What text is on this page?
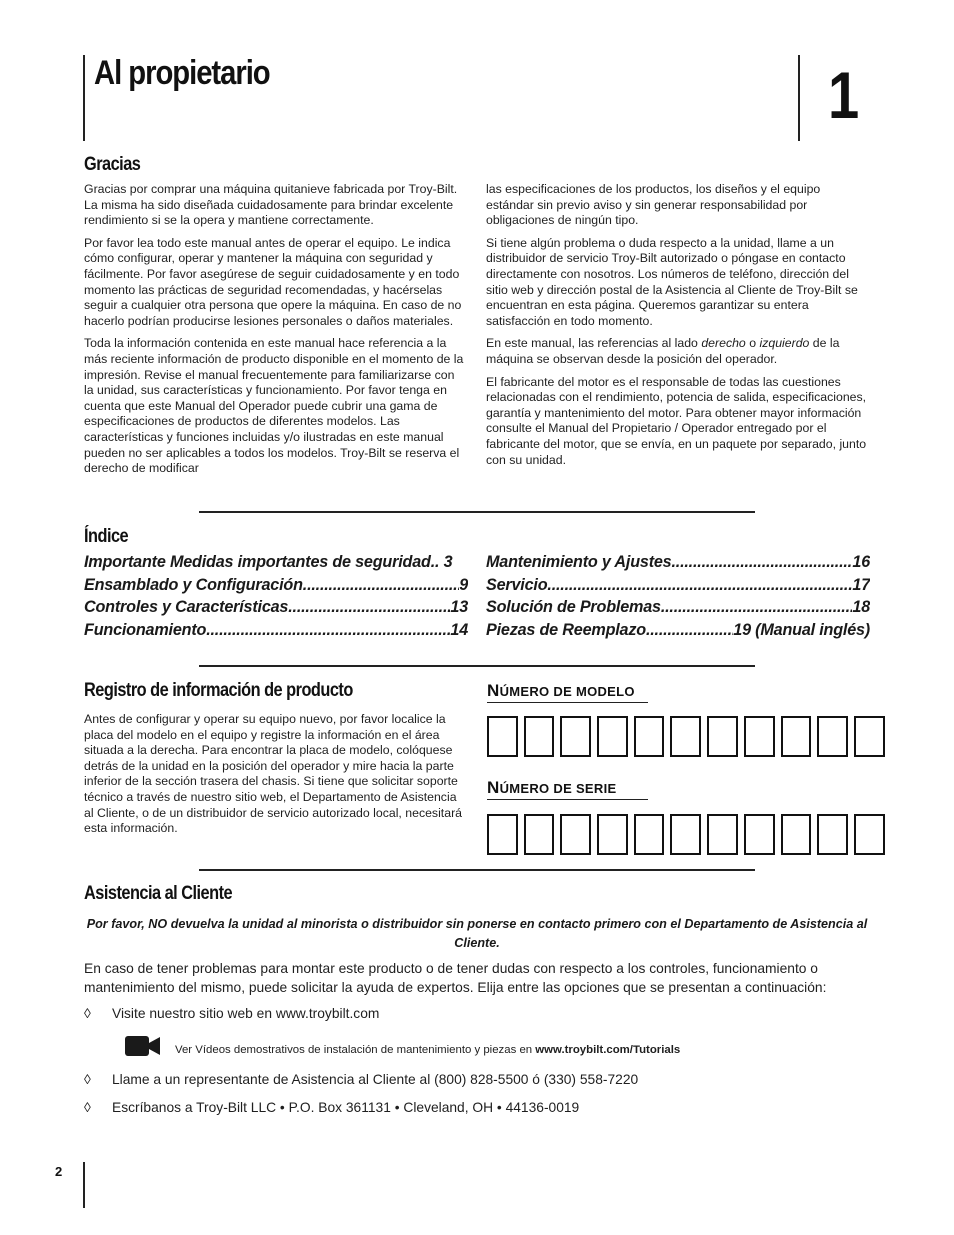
Al propietario	1
Gracias

Gracias por comprar una máquina quitanieve fabricada por Troy-Bilt. La misma ha sido diseñada cuidadosamente para brindar excelente rendimiento si se la opera y mantiene correctamente.

Por favor lea todo este manual antes de operar el equipo. Le indica cómo configurar, operar y mantener la máquina con seguridad y fácilmente. Por favor asegúrese de seguir cuidadosamente y en todo momento las prácticas de seguridad recomendadas, y hacérselas seguir a cualquier otra persona que opere la máquina. En caso de no hacerlo podrían producirse lesiones personales o daños materiales.

Toda la información contenida en este manual hace referencia a la más reciente información de producto disponible en el momento de la impresión. Revise el manual frecuentemente para familiarizarse con la unidad, sus características y funcionamiento. Por favor tenga en cuenta que este Manual del Operador puede cubrir una gama de especificaciones de productos de diferentes modelos. Las características y funciones incluidas y/o ilustradas en este manual pueden no ser aplicables a todos los modelos. Troy-Bilt se reserva el derecho de modificar

las especificaciones de los productos, los diseños y el equipo estándar sin previo aviso y sin generar responsabilidad por obligaciones de ningún tipo.

Si tiene algún problema o duda respecto a la unidad, llame a un distribuidor de servicio Troy-Bilt autorizado o póngase en contacto directamente con nosotros. Los números de teléfono, dirección del sitio web y dirección postal de la Asistencia al Cliente de Troy-Bilt se encuentran en esta página. Queremos garantizar su entera satisfacción en todo momento.

En este manual, las referencias al lado derecho o izquierdo de la máquina se observan desde la posición del operador.

El fabricante del motor es el responsable de todas las cuestiones relacionadas con el rendimiento, potencia de salida, especificaciones, garantía y mantenimiento del motor. Para obtener mayor información consulte el Manual del Propietario / Operador entregado por el fabricante del motor, que se envía, en un paquete por separado, junto con su unidad.

Índice
Importante Medidas importantes de seguridad .. 3
Ensamblado y Configuración .....	9
Controles y Características .....	13
Funcionamiento .....	14
Mantenimiento y Ajustes .....	16
Servicio .....	17
Solución de Problemas .....	18
Piezas de Reemplazo .....	19 (Manual inglés)
Registro de información de producto
Antes de configurar y operar su equipo nuevo, por favor localice la placa del modelo en el equipo y registre la información en el área situada a la derecha. Para encontrar la placa de modelo, colóquese detrás de la unidad en la posición del operador y mire hacia la parte inferior de la sección trasera del chasis. Si tiene que solicitar soporte técnico a través de nuestro sitio web, el Departamento de Asistencia al Cliente, o de un distribuidor de servicio autorizado local, necesitará esta información.
NÚMERO DE MODELO
NÚMERO DE SERIE
Asistencia al Cliente
Por favor, NO devuelva la unidad al minorista o distribuidor sin ponerse en contacto primero con el Departamento de Asistencia al Cliente.
En caso de tener problemas para montar este producto o de tener dudas con respecto a los controles, funcionamiento o mantenimiento del mismo, puede solicitar la ayuda de expertos. Elija entre las opciones que se presentan a continuación:
◊ Visite nuestro sitio web en www.troybilt.com
Ver Vídeos demostrativos de instalación de mantenimiento y piezas en www.troybilt.com/Tutorials
◊ Llame a un representante de Asistencia al Cliente al (800) 828-5500 ó (330) 558-7220
◊ Escríbanos a Troy-Bilt LLC • P.O. Box 361131 • Cleveland, OH • 44136-0019
2
